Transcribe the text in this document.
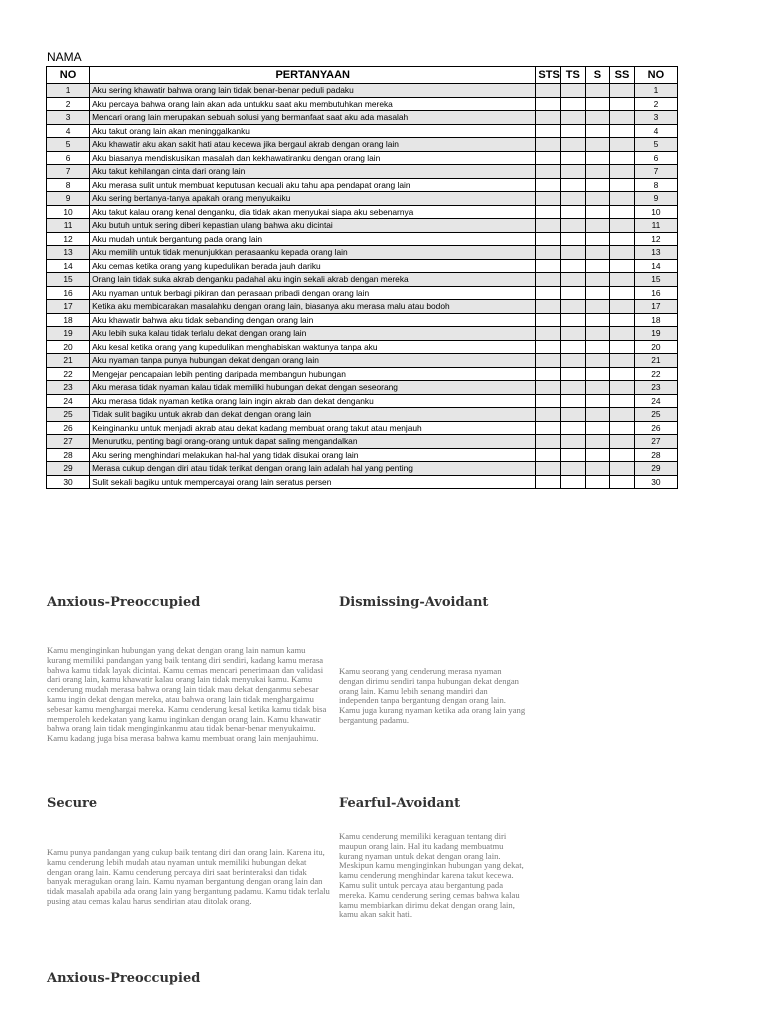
NAMA
NO	PERTANYAAN	STS	TS	S	SS	NO
1	Aku sering khawatir bahwa orang lain tidak benar-benar peduli padaku					1
2	Aku percaya bahwa orang lain akan ada untukku saat aku membutuhkan mereka					2
3	Mencari orang lain merupakan sebuah solusi yang bermanfaat saat aku ada masalah					3
4	Aku takut orang lain akan meninggalkanku					4
5	Aku khawatir aku akan sakit hati atau kecewa jika bergaul akrab dengan orang lain					5
6	Aku biasanya mendiskusikan masalah dan kekhawatiranku dengan orang lain					6
7	Aku takut kehilangan cinta dari orang lain					7
8	Aku merasa sulit untuk membuat keputusan kecuali aku tahu apa pendapat orang lain					8
9	Aku sering bertanya-tanya apakah orang menyukaiku					9
10	Aku takut kalau orang kenal denganku, dia tidak akan menyukai siapa aku sebenarnya					10
11	Aku butuh untuk sering diberi kepastian ulang bahwa aku dicintai					11
12	Aku mudah untuk bergantung pada orang lain					12
13	Aku memilih untuk tidak menunjukkan perasaanku kepada orang lain					13
14	Aku cemas ketika orang yang kupedulikan berada jauh dariku					14
15	Orang lain tidak suka akrab denganku padahal aku ingin sekali akrab dengan mereka					15
16	Aku nyaman untuk berbagi pikiran dan perasaan pribadi dengan orang lain					16
17	Ketika aku membicarakan masalahku dengan orang lain, biasanya aku merasa malu atau bodoh					17
18	Aku khawatir bahwa aku tidak sebanding dengan orang lain					18
19	Aku lebih suka kalau tidak terlalu dekat dengan orang lain					19
20	Aku kesal ketika orang yang kupedulikan menghabiskan waktunya tanpa aku					20
21	Aku nyaman tanpa punya hubungan dekat dengan orang lain					21
22	Mengejar pencapaian lebih penting daripada membangun hubungan					22
23	Aku merasa tidak nyaman kalau tidak memiliki hubungan dekat dengan seseorang					23
24	Aku merasa tidak nyaman ketika orang lain ingin akrab dan dekat denganku					24
25	Tidak sulit bagiku untuk akrab dan dekat dengan orang lain					25
26	Keinginanku untuk menjadi akrab atau dekat kadang membuat orang takut atau menjauh					26
27	Menurutku, penting bagi orang-orang untuk dapat saling mengandalkan					27
28	Aku sering menghindari melakukan hal-hal yang tidak disukai orang lain					28
29	Merasa cukup dengan diri atau tidak terikat dengan orang lain adalah hal yang penting					29
30	Sulit sekali bagiku untuk mempercayai orang lain seratus persen					30
Anxious-Preoccupied
Kamu menginginkan hubungan yang dekat dengan orang lain namun kamu
kurang memiliki pandangan yang baik tentang diri sendiri, kadang kamu merasa
bahwa kamu tidak layak dicintai. Kamu cemas mencari penerimaan dan validasi
dari orang lain, kamu khawatir kalau orang lain tidak menyukai kamu. Kamu
cenderung mudah merasa bahwa orang lain tidak mau dekat denganmu sebesar
kamu ingin dekat dengan mereka, atau bahwa orang lain tidak menghargaimu
sebesar kamu menghargai mereka. Kamu cenderung kesal ketika kamu tidak bisa
memperoleh kedekatan yang kamu inginkan dengan orang lain. Kamu khawatir
bahwa orang lain tidak menginginkanmu atau tidak benar-benar menyukaimu.
Kamu kadang juga bisa merasa bahwa kamu membuat orang lain menjauhimu.
Dismissing-Avoidant
Kamu seorang yang cenderung merasa nyaman
dengan dirimu sendiri tanpa hubungan dekat dengan
orang lain. Kamu lebih senang mandiri dan
independen tanpa bergantung dengan orang lain.
Kamu juga kurang nyaman ketika ada orang lain yang
bergantung padamu.
Secure
Kamu punya pandangan yang cukup baik tentang diri dan orang lain. Karena itu,
kamu cenderung lebih mudah atau nyaman untuk memiliki hubungan dekat
dengan orang lain. Kamu cenderung percaya diri saat berinteraksi dan tidak
banyak meragukan orang lain. Kamu nyaman bergantung dengan orang lain dan
tidak masalah apabila ada orang lain yang bergantung padamu. Kamu tidak terlalu
pusing atau cemas kalau harus sendirian atau ditolak orang.
Fearful-Avoidant
Kamu cenderung memiliki keraguan tentang diri
maupun orang lain. Hal itu kadang membuatmu
kurang nyaman untuk dekat dengan orang lain.
Meskipun kamu menginginkan hubungan yang dekat,
kamu cenderung menghindar karena takut kecewa.
Kamu sulit untuk percaya atau bergantung pada
mereka. Kamu cenderung sering cemas bahwa kalau
kamu membiarkan dirimu dekat dengan orang lain,
kamu akan sakit hati.
Anxious-Preoccupied
